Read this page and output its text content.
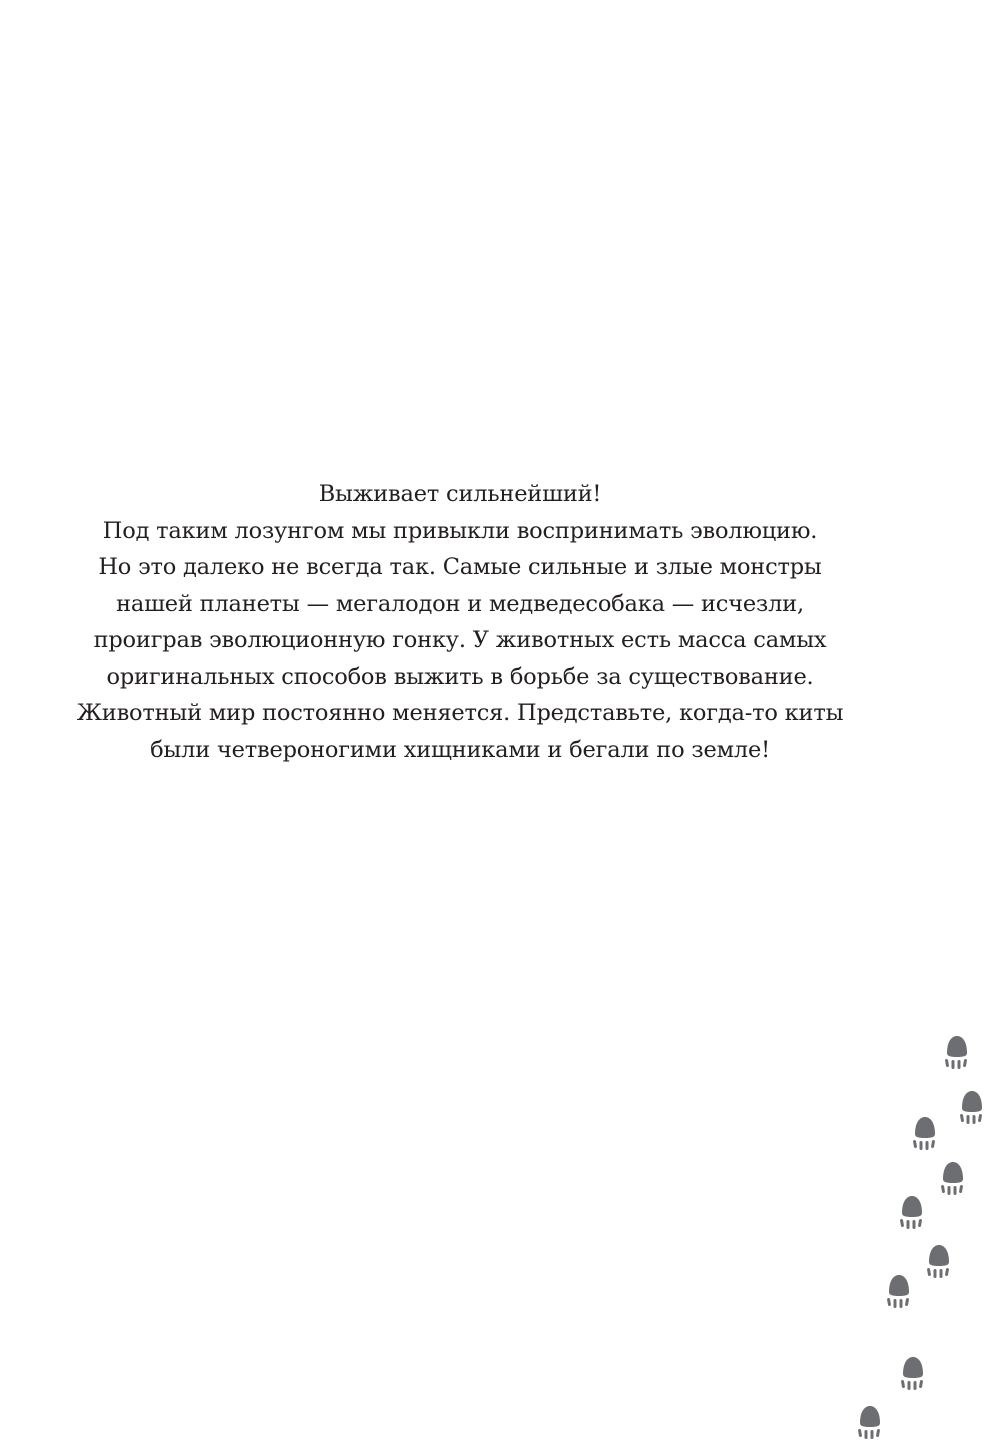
Выживает сильнейший!
Под таким лозунгом мы привыкли воспринимать эволюцию.
Но это далеко не всегда так. Самые сильные и злые монстры
нашей планеты — мегалодон и медведесобака — исчезли,
проиграв эволюционную гонку. У животных есть масса самых
оригинальных способов выжить в борьбе за существование.
Животный мир постоянно меняется. Представьте, когда-то киты
были четвероногими хищниками и бегали по земле!
